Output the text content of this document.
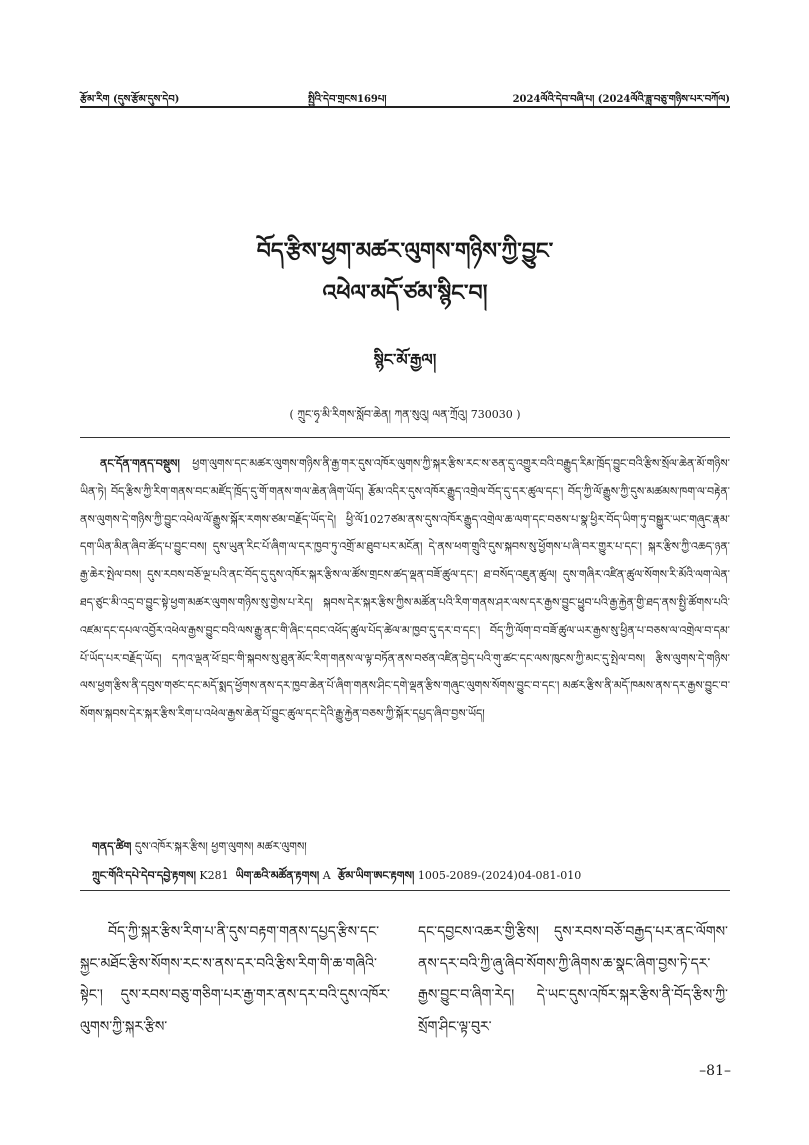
རྩོམ་རིག (དུས་རྩོམ་དུས་དེབ)	སྤྱིའི་དེབ་གྲངས169པ།	2024ལོའི་དེབ་བཞི་པ། (2024ལོའི་ཟླ་བཅུ་གཉིས་པར་བཀོལ)
བོད་རྩིས་ཕྱག་མཚར་ལུགས་གཉིས་ཀྱི་བྱུང་
འཕེལ་མདོ་ཙམ་སྙིང་བ།
སྙིང་མོ་རྒྱལ།
( ཀྲུང་ཧྭ་མི་རིགས་སློབ་ཆེན། ཀན་སུའུ། ལན་ཀྲོའུ། 730030 )

ནང་དོན་གནད་བསྡུས། ཕྱག་ལུགས་དང་མཚར་ལུགས་གཉིས་ནི་རྒྱ་གར་དུས་འཁོར་ལུགས་ཀྱི་སྐར་རྩིས་རང་ས་ཅན་དུ་འགྱུར་བའི་བརྒྱུད་རིམ་ཁྲོད་བྱུང་བའི་རྩིས་སྲོལ་ཆེན་མོ་གཉིས་ཡིན་ཏེ། བོད་རྩིས་ཀྱི་རིག་གནས་བང་མཛོད་ཁྲོད་དུ་གོ་གནས་གལ་ཆེན་ཞིག་ཡོད། རྩོམ་འདིར་དུས་འཁོར་རྒྱུད་འགྲེལ་བོད་དུ་དར་ཚུལ་དང་། བོད་ཀྱི་ལོ་རྒྱུས་ཀྱི་དུས་མཚམས་ཁག་ལ་བརྟེན་ནས་ལུགས་དེ་གཉིས་ཀྱི་བྱུང་འཕེལ་ལོ་རྒྱུས་སྐོར་རགས་ཙམ་བརྗོད་ཡོད་དེ། ཕྱི་ལོ1027ཙམ་ནས་དུས་འཁོར་རྒྱུད་འགྲེལ་ཆ་ལག་དང་བཅས་པ་སྣ་ཕྱིར་བོད་ཡིག་ཏུ་བསྒྱུར་ཡང་གཞུང་རྣམ་དག་ཡིན་མིན་ཞིབ་ཚོད་པ་བྱུང་བས། དུས་ཡུན་རིང་པོ་ཞིག་ལ་དར་ཁྱབ་ཏུ་འགྲོ་མ་ཐུབ་པར་མངོན། དེ་ནས་ཕག་གྲུའི་དུས་སྐབས་སུ་ཕྱོགས་པ་ཞི་བར་གྱུར་པ་དང་། སྐར་རྩིས་ཀྱི་འཆད་ཉན་རྒྱ་ཆེར་སྤེལ་བས། དུས་རབས་བཅོ་ལྔ་པའི་ནང་བོད་དུ་དུས་འཁོར་སྐར་རྩིས་ལ་ཚོས་གྲངས་ཚད་ལྡན་བཟོ་ཚུལ་དང་། ཐ་བསོད་འཇུན་ཚུལ། དུས་གཞིར་འཛིན་ཚུལ་སོགས་རི་མོའི་ལག་ལེན་ཐད་ཙུང་མི་འདྲ་བ་བྱུང་སྟེ་ཕྱག་མཚར་ལུགས་གཉིས་སུ་གྱེས་པ་རེད། སྐབས་དེར་སྐར་རྩིས་ཀྱིས་མཚོན་པའི་རིག་གནས་ཤར་ལས་དར་རྒྱས་བྱུང་ཕྱུབ་པའི་རྒྱ་རྐྱེན་གྱི་ཐད་ནས་སྤྱི་ཚོགས་པའི་འཛམ་དང་དཔལ་འབྱོར་འཕེལ་རྒྱས་བྱུང་བའི་ལས་རྒྱུ་ནང་གི་ཞིང་དབང་འཕོད་ཚུལ་པོད་ཚེལ་མ་ཁྱབ་དུ་དར་བ་དང་། བོད་ཀྱི་ལོག་བ་བཟོ་ཚུལ་ཡར་རྒྱས་སུ་ཕྱིན་པ་བཅས་ལ་འགྲེལ་བ་དམ་པོ་ཡོད་པར་བརྗོད་ཡོད། དཀའ་ལྡན་ཕོ་བྲང་གི་སྐབས་སུ་ཐུན་མོང་རིག་གནས་ལ་ལྟ་བཏོན་ནས་བཙན་འཛིན་བྱེད་པའི་གུ་ཚང་དང་ལས་ཁུངས་ཀྱི་མང་དུ་སྤེལ་བས། རྩིས་ལུགས་དེ་གཉིས་ལས་ཕྱག་རྩིས་ནི་དབུས་གཙང་དང་མདོ་སྨད་ཕྱོགས་ནས་དར་ཁྱབ་ཆེན་པོ་ཞིག་གནས་ཤིང་དགེ་ལྡན་རྩིས་གཞུང་ལུགས་སོགས་བྱུང་བ་དང་། མཚར་རྩིས་ནི་མདོ་ཁམས་ནས་དར་རྒྱས་བྱུང་བ་སོགས་སྐབས་དེར་སྐར་རྩིས་རིག་པ་འཕེལ་རྒྱས་ཆེན་པོ་བྱུང་ཚུལ་དང་དེའི་རྒྱུ་རྐྱེན་བཅས་ཀྱི་སྐོར་དཔྱད་ཞིབ་བྱས་ཡོད།

གནད་ཚིག དུས་འཁོར་སྐར་རྩིས། ཕྱག་ལུགས། མཚར་ལུགས།
ཀྲུང་གོའི་དཔེ་དེབ་དབྱེ་རྟགས། K281 ཡིག་ཆའི་མཚོན་རྟགས། A རྩོམ་ཡིག་ཨང་རྟགས། 1005-2089-(2024)04-081-010

བོད་ཀྱི་སྐར་རྩིས་རིག་པ་ནི་དུས་བརྟག་གནས་དཔྱད་རྩིས་དང་སྐྱང་མཐོང་རྩིས་སོགས་རང་ས་ནས་དར་བའི་རྩིས་རིག་གི་ཆ་གཞིའི་སྟེང་། དུས་རབས་བཅུ་གཅིག་པར་རྒྱ་གར་ནས་དར་བའི་དུས་འཁོར་ལུགས་ཀྱི་སྐར་རྩིས་

དང་དབྱངས་འཆར་གྱི་རྩིས། དུས་རབས་བཅོ་བརྒྱད་པར་ནང་ལོགས་ནས་དར་བའི་ཀྱི་ཞུ་ཞིབ་སོགས་ཀྱི་ཞིགས་ཆ་སྣང་ཞིག་བྱས་ཏེ་དར་རྒྱས་བྱུང་བ་ཞིག་རེད། དེ་ཡང་དུས་འཁོར་སྐར་རྩིས་ནི་བོད་རྩིས་ཀྱི་སྲོག་ཤིང་ལྟ་བུར་

–81–
